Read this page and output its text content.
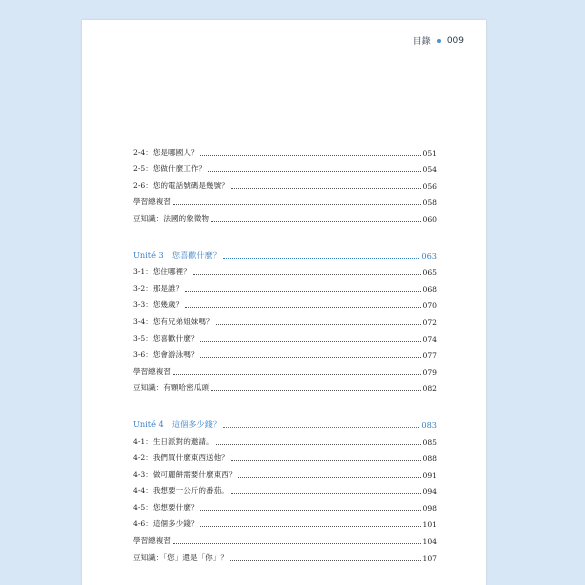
目錄 009
2-4：您是哪國人？	051
2-5：您做什麼工作？	054
2-6：您的電話號碼是幾號？	056
學習總複習	058
豆知識：法國的象徵物	060
Unité 3　您喜歡什麼？	063
3-1：您住哪裡？	065
3-2：那是誰？	068
3-3：您幾歲？	070
3-4：您有兄弟姐妹嗎？	072
3-5：您喜歡什麼？	074
3-6：您會游泳嗎？	077
學習總複習	079
豆知識：有顆哈密瓜頭	082
Unité 4　這個多少錢？	083
4-1：生日派對的邀請。	085
4-2：我們買什麼東西送他？	088
4-3：做可麗餅需要什麼東西？	091
4-4：我想要一公斤的番茄。	094
4-5：您想要什麼？	098
4-6：這個多少錢？	101
學習總複習	104
豆知識：「您」還是「你」？	107
